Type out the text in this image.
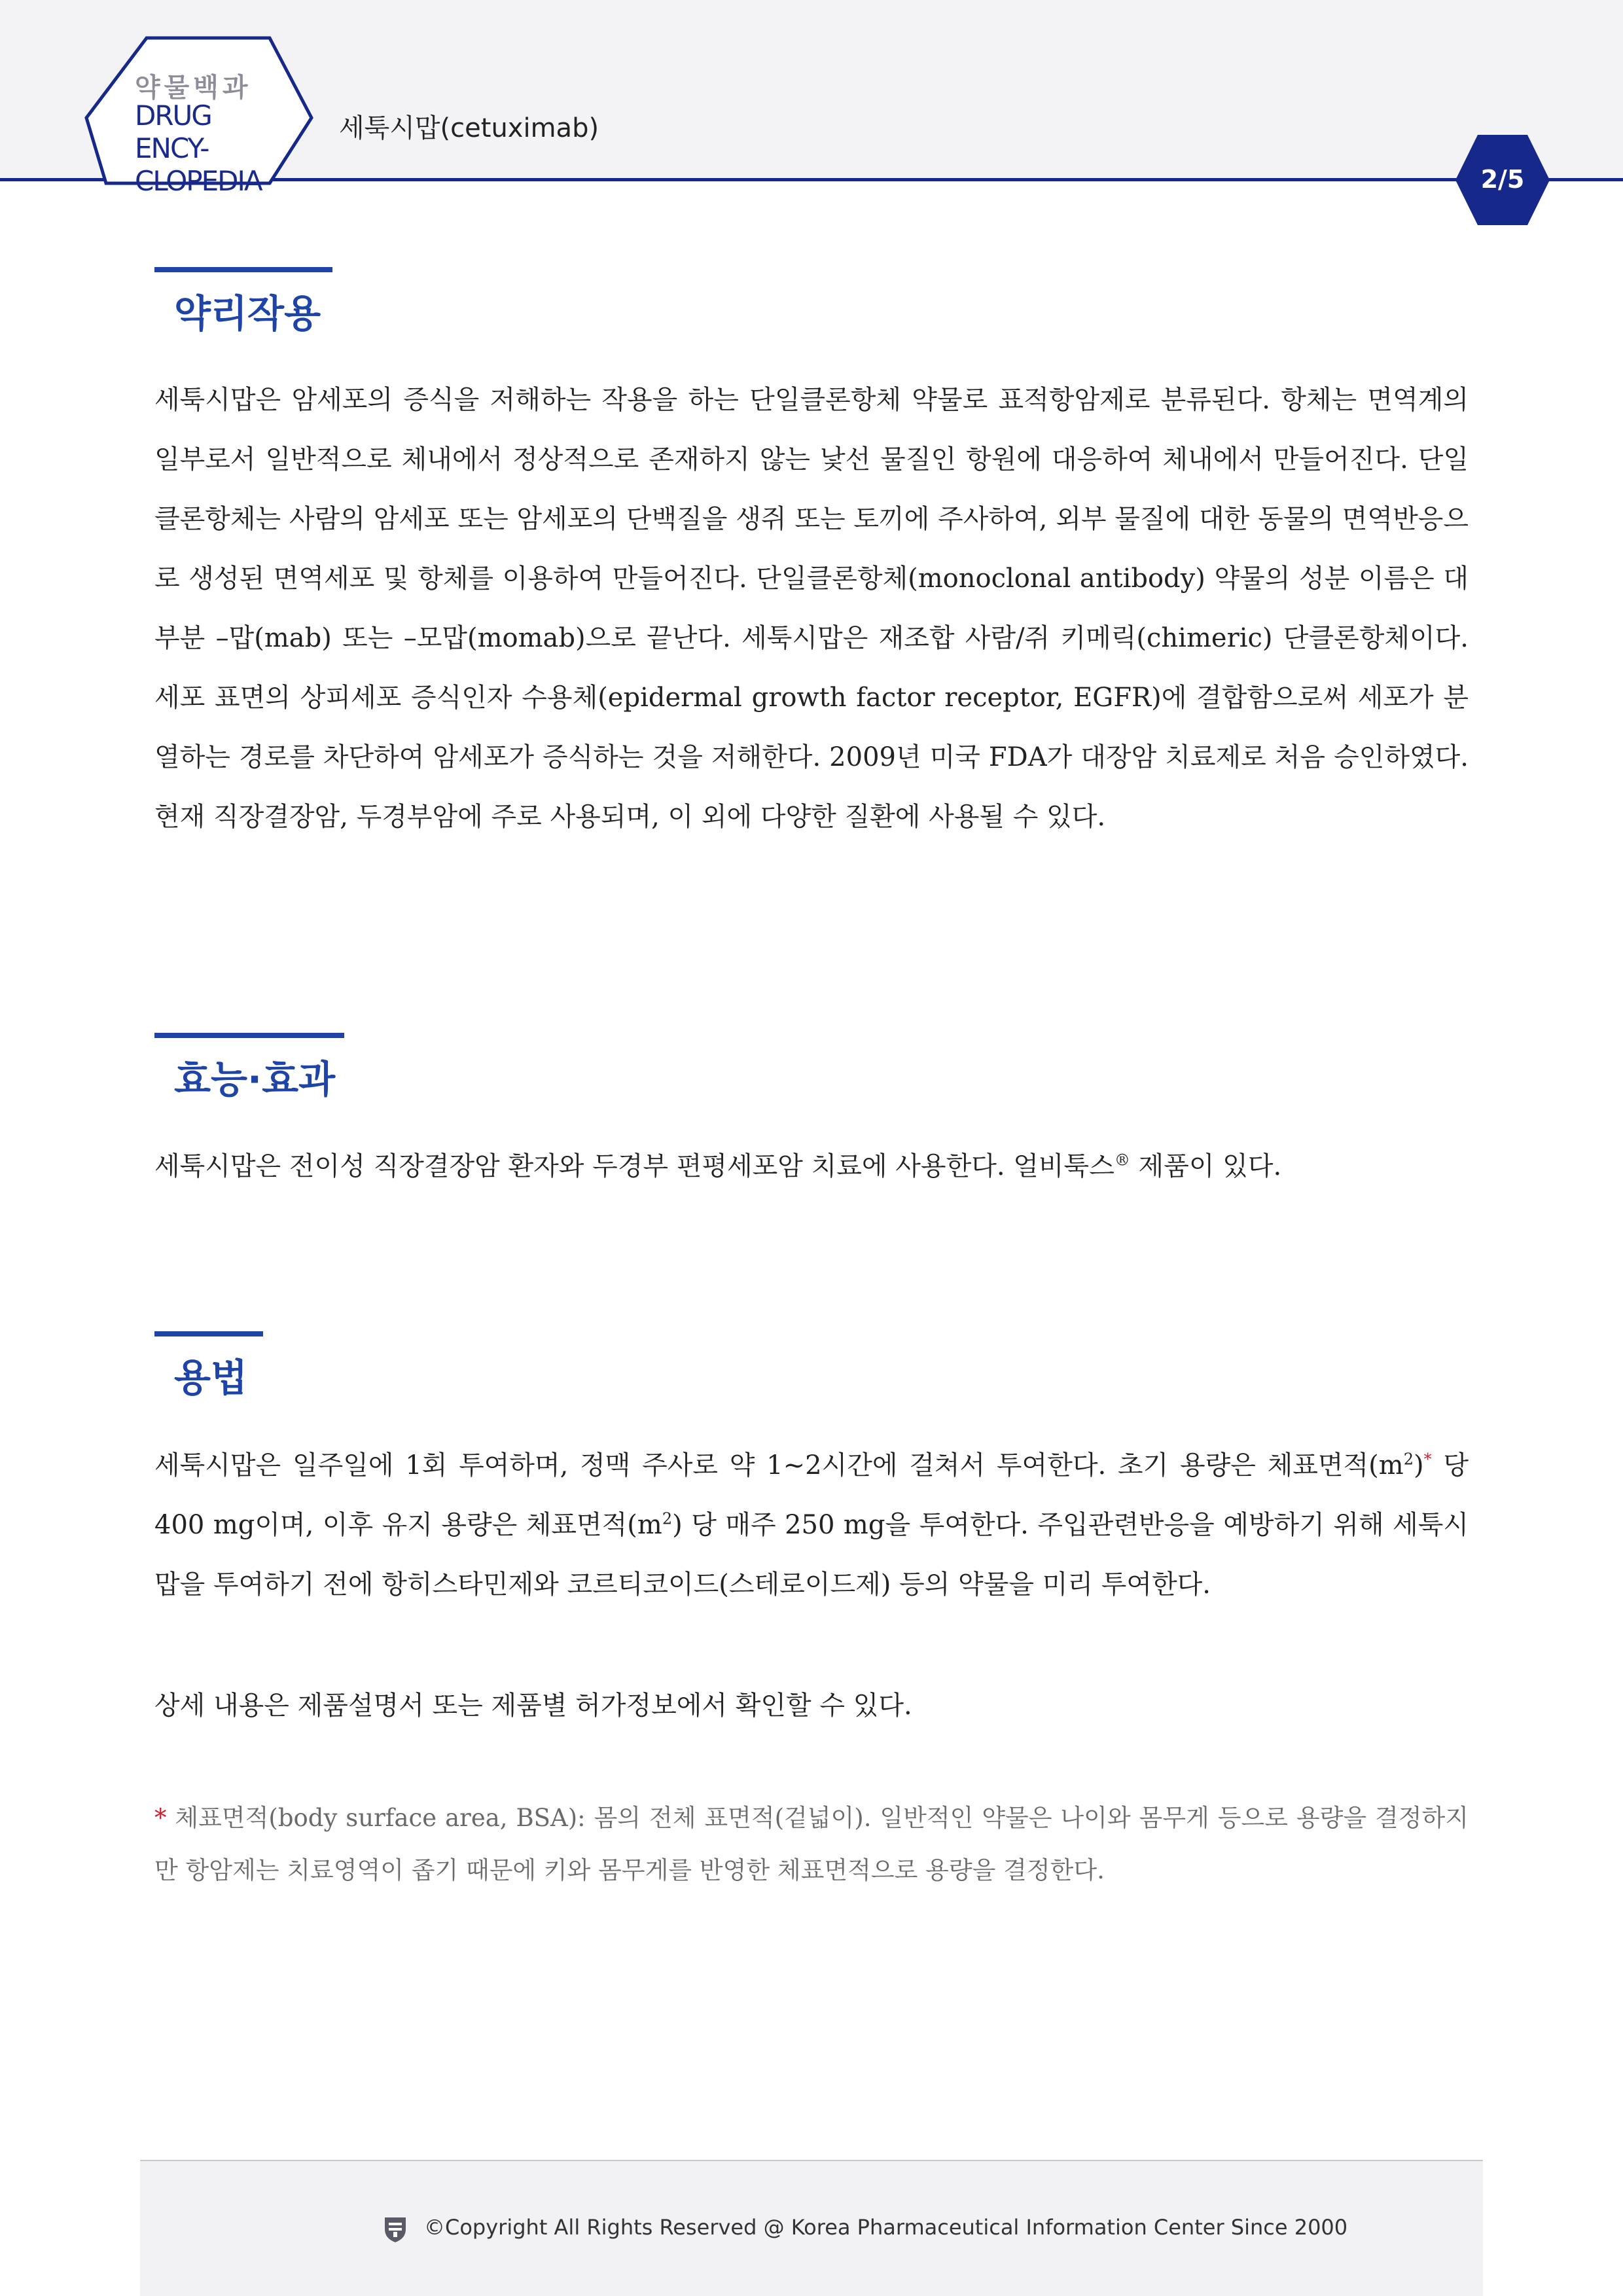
약물백과
DRUG ENCY-
CLOPEDIA
세툭시맙(cetuximab)
2/5
약리작용

세툭시맙은 암세포의 증식을 저해하는 작용을 하는 단일클론항체 약물로 표적항암제로 분류된다. 항체는 면역계의 일부로서 일반적으로 체내에서 정상적으로 존재하지 않는 낯선 물질인 항원에 대응하여 체내에서 만들어진다. 단일클론항체는 사람의 암세포 또는 암세포의 단백질을 생쥐 또는 토끼에 주사하여, 외부 물질에 대한 동물의 면역반응으로 생성된 면역세포 및 항체를 이용하여 만들어진다. 단일클론항체(monoclonal antibody) 약물의 성분 이름은 대부분 –맙(mab) 또는 –모맙(momab)으로 끝난다. 세툭시맙은 재조합 사람/쥐 키메릭(chimeric) 단클론항체이다. 세포 표면의 상피세포 증식인자 수용체(epidermal growth factor receptor, EGFR)에 결합함으로써 세포가 분열하는 경로를 차단하여 암세포가 증식하는 것을 저해한다. 2009년 미국 FDA가 대장암 치료제로 처음 승인하였다. 현재 직장결장암, 두경부암에 주로 사용되며, 이 외에 다양한 질환에 사용될 수 있다.

효능·효과

세툭시맙은 전이성 직장결장암 환자와 두경부 편평세포암 치료에 사용한다. 얼비툭스® 제품이 있다.

용법

세툭시맙은 일주일에 1회 투여하며, 정맥 주사로 약 1~2시간에 걸쳐서 투여한다. 초기 용량은 체표면적$(m^2)^*$ 당 400 mg이며, 이후 유지 용량은 체표면적$(m^2)$ 당 매주 250 mg을 투여한다. 주입관련반응을 예방하기 위해 세툭시맙을 투여하기 전에 항히스타민제와 코르티코이드(스테로이드제) 등의 약물을 미리 투여한다.

상세 내용은 제품설명서 또는 제품별 허가정보에서 확인할 수 있다.

* 체표면적(body surface area, BSA): 몸의 전체 표면적(겉넓이). 일반적인 약물은 나이와 몸무게 등으로 용량을 결정하지만 항암제는 치료영역이 좁기 때문에 키와 몸무게를 반영한 체표면적으로 용량을 결정한다.

©Copyright All Rights Reserved @ Korea Pharmaceutical Information Center Since 2000
